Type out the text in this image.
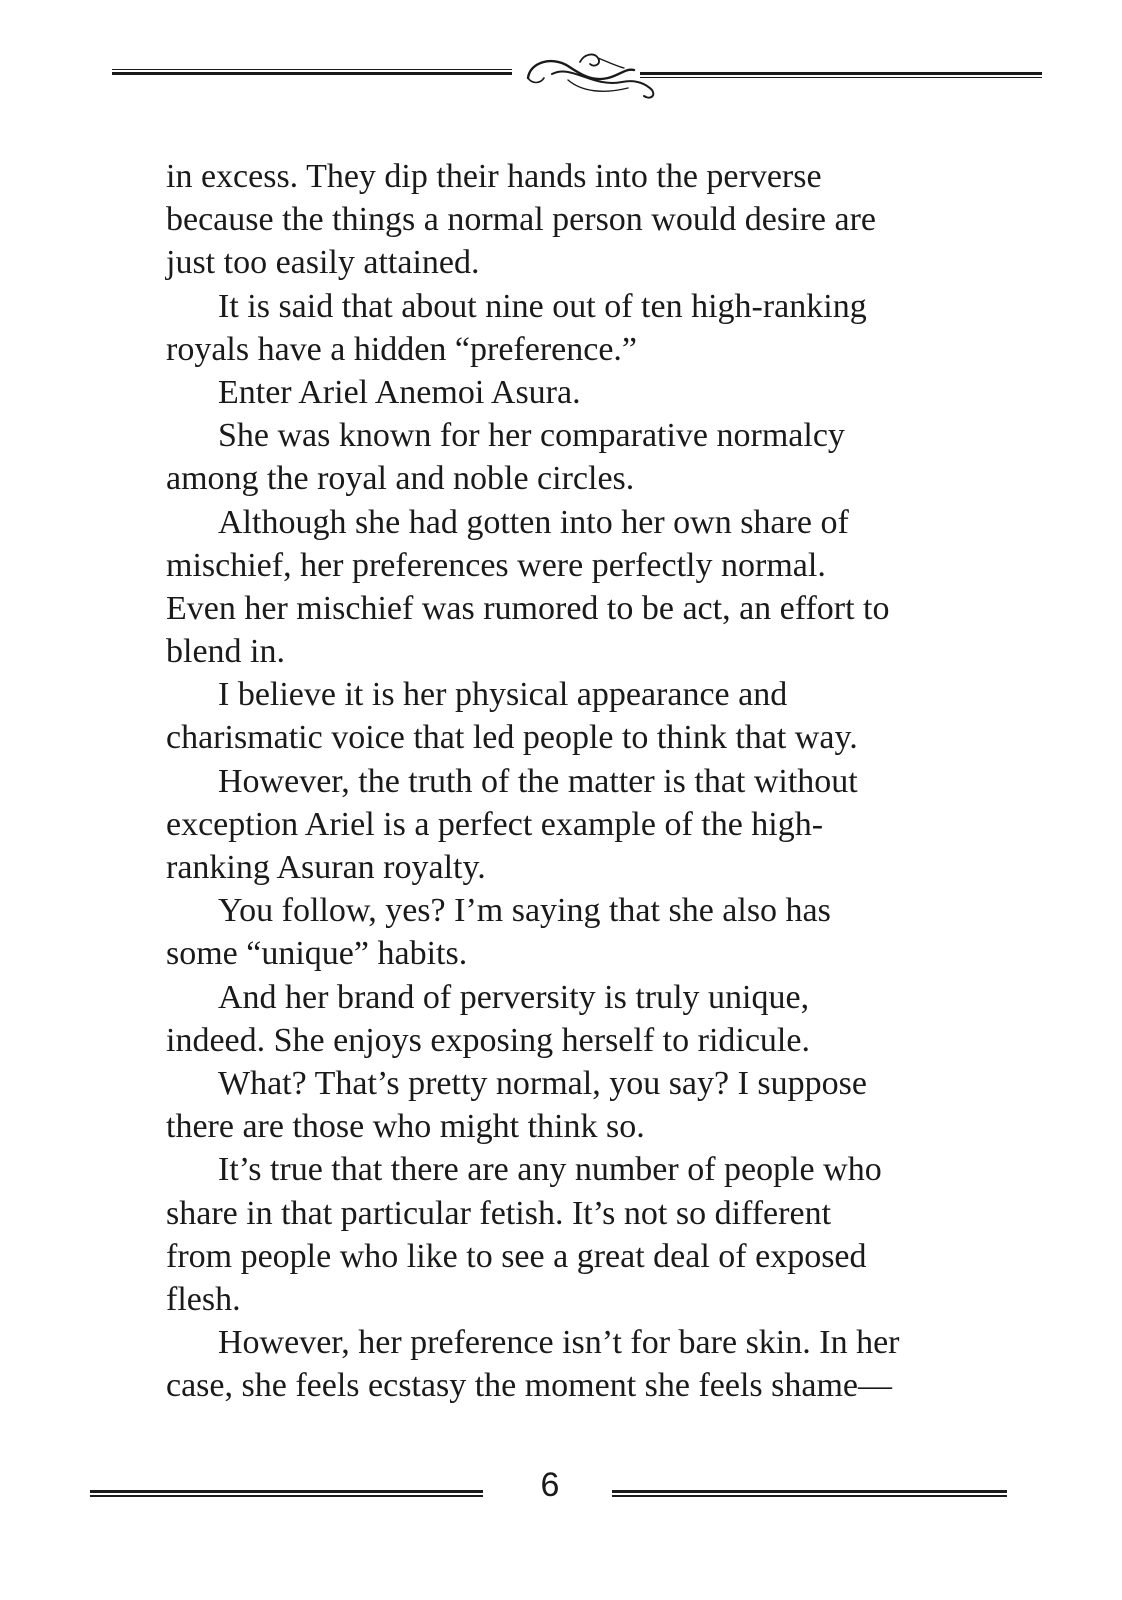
in excess. They dip their hands into the perverse
because the things a normal person would desire are
just too easily attained.
It is said that about nine out of ten high-ranking
royals have a hidden “preference.”
Enter Ariel Anemoi Asura.
She was known for her comparative normalcy
among the royal and noble circles.
Although she had gotten into her own share of
mischief, her preferences were perfectly normal.
Even her mischief was rumored to be act, an effort to
blend in.
I believe it is her physical appearance and
charismatic voice that led people to think that way.
However, the truth of the matter is that without
exception Ariel is a perfect example of the high-
ranking Asuran royalty.
You follow, yes? I’m saying that she also has
some “unique” habits.
And her brand of perversity is truly unique,
indeed. She enjoys exposing herself to ridicule.
What? That’s pretty normal, you say? I suppose
there are those who might think so.
It’s true that there are any number of people who
share in that particular fetish. It’s not so different
from people who like to see a great deal of exposed
flesh.
However, her preference isn’t for bare skin. In her
case, she feels ecstasy the moment she feels shame—
6
